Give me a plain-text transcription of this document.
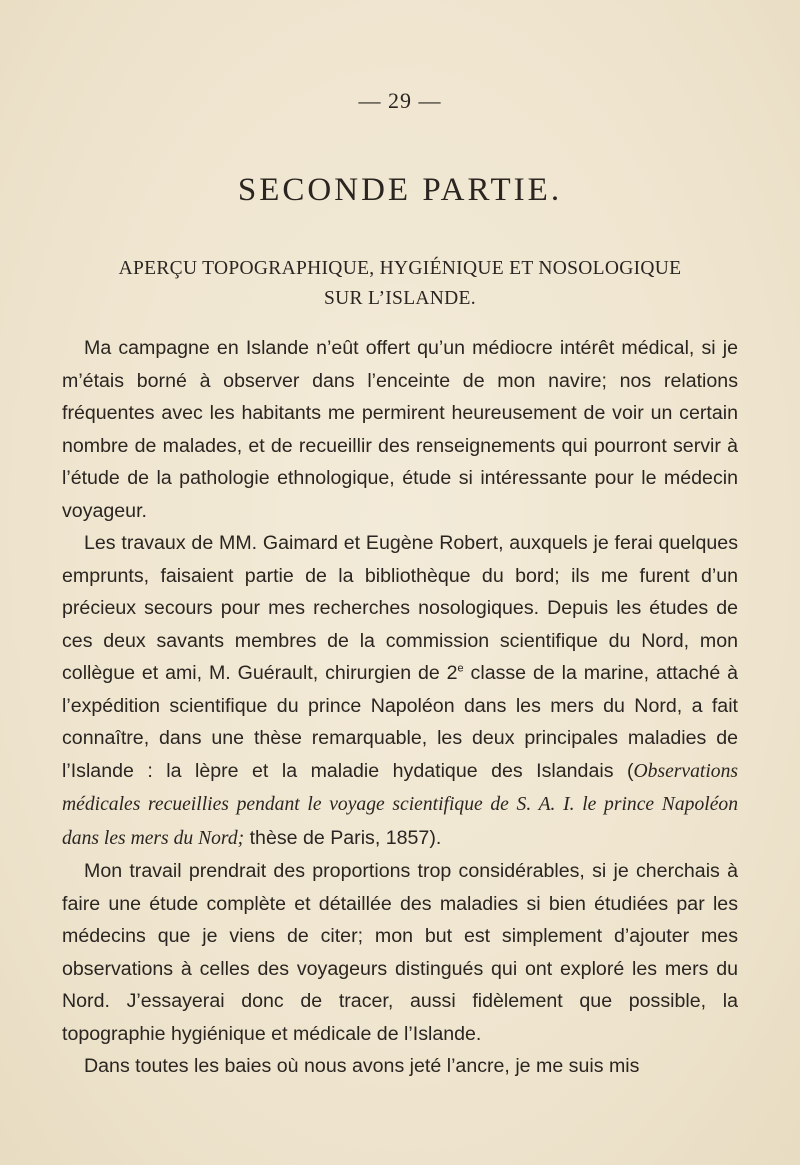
— 29 —
SECONDE PARTIE.
APERÇU TOPOGRAPHIQUE, HYGIÉNIQUE ET NOSOLOGIQUE
SUR L’ISLANDE.

Ma campagne en Islande n’eût offert qu’un médiocre intérêt médical, si je m’étais borné à observer dans l’enceinte de mon navire; nos relations fréquentes avec les habitants me permirent heureusement de voir un certain nombre de malades, et de recueillir des renseignements qui pourront servir à l’étude de la pathologie ethnologique, étude si intéressante pour le médecin voyageur.

Les travaux de MM. Gaimard et Eugène Robert, auxquels je ferai quelques emprunts, faisaient partie de la bibliothèque du bord; ils me furent d’un précieux secours pour mes recherches nosologiques. Depuis les études de ces deux savants membres de la commission scientifique du Nord, mon collègue et ami, M. Guérault, chirurgien de 2e classe de la marine, attaché à l’expédition scientifique du prince Napoléon dans les mers du Nord, a fait connaître, dans une thèse remarquable, les deux principales maladies de l’Islande : la lèpre et la maladie hydatique des Islandais (Observations médicales recueillies pendant le voyage scientifique de S. A. I. le prince Napoléon dans les mers du Nord; thèse de Paris, 1857).

Mon travail prendrait des proportions trop considérables, si je cherchais à faire une étude complète et détaillée des maladies si bien étudiées par les médecins que je viens de citer; mon but est simplement d’ajouter mes observations à celles des voyageurs distingués qui ont exploré les mers du Nord. J’essayerai donc de tracer, aussi fidèlement que possible, la topographie hygiénique et médicale de l’Islande.

Dans toutes les baies où nous avons jeté l’ancre, je me suis mis
